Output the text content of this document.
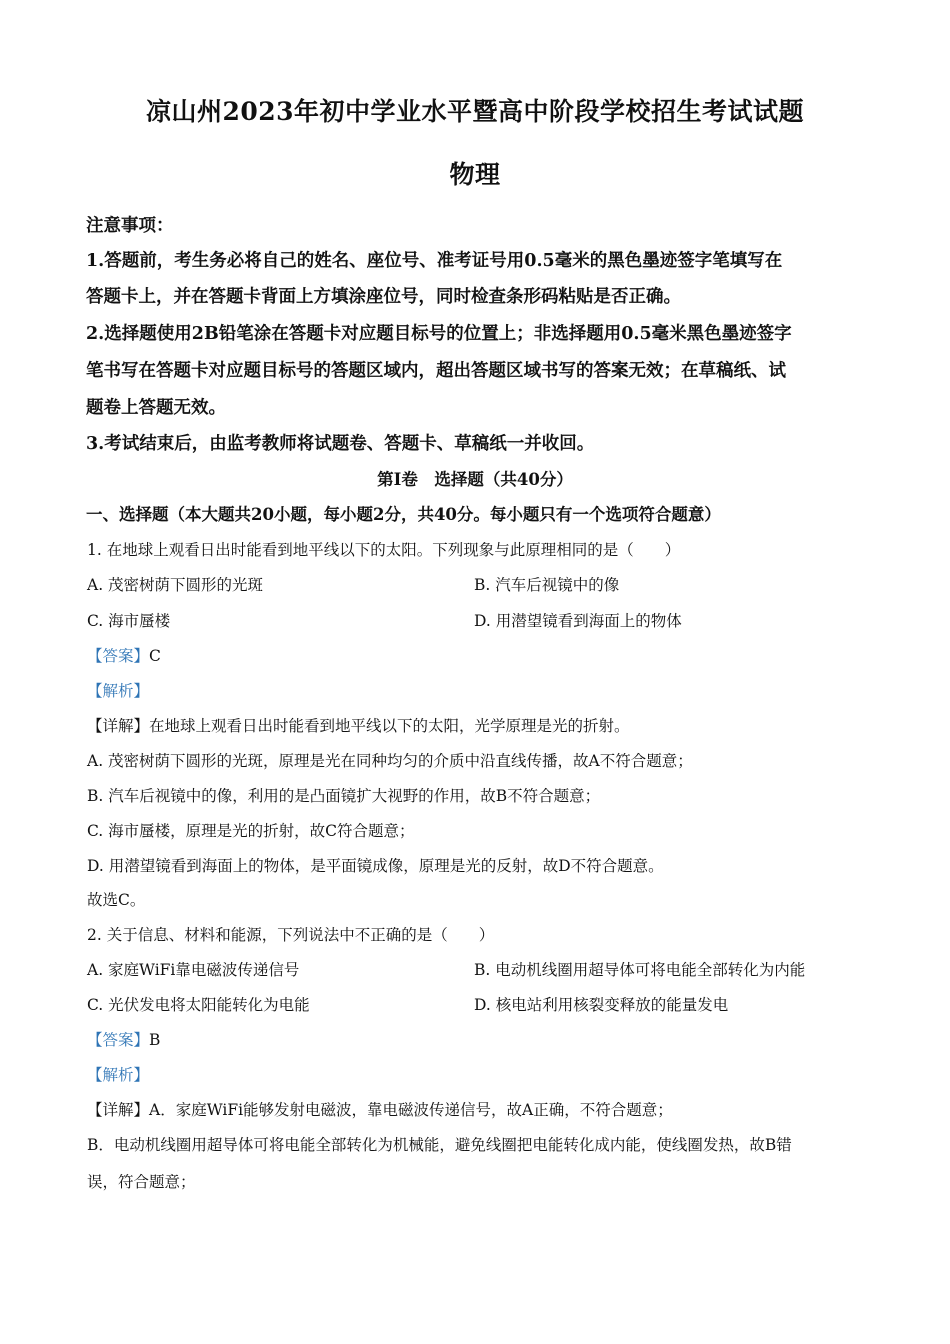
凉山州2023年初中学业水平暨高中阶段学校招生考试试题
物理
注意事项：
1.答题前，考生务必将自己的姓名、座位号、准考证号用0.5毫米的黑色墨迹签字笔填写在
答题卡上，并在答题卡背面上方填涂座位号，同时检查条形码粘贴是否正确。
2.选择题使用2B铅笔涂在答题卡对应题目标号的位置上；非选择题用0.5毫米黑色墨迹签字
笔书写在答题卡对应题目标号的答题区域内，超出答题区域书写的答案无效；在草稿纸、试
题卷上答题无效。
3.考试结束后，由监考教师将试题卷、答题卡、草稿纸一并收回。
第Ⅰ卷　选择题（共40分）
一、选择题（本大题共20小题，每小题2分，共40分。每小题只有一个选项符合题意）
1. 在地球上观看日出时能看到地平线以下的太阳。下列现象与此原理相同的是（　　）
A. 茂密树荫下圆形的光斑	B. 汽车后视镜中的像
C. 海市蜃楼	D. 用潜望镜看到海面上的物体
【答案】C
【解析】
【详解】在地球上观看日出时能看到地平线以下的太阳，光学原理是光的折射。
A. 茂密树荫下圆形的光斑，原理是光在同种均匀的介质中沿直线传播，故A不符合题意；
B. 汽车后视镜中的像，利用的是凸面镜扩大视野的作用，故B不符合题意；
C. 海市蜃楼，原理是光的折射，故C符合题意；
D. 用潜望镜看到海面上的物体，是平面镜成像，原理是光的反射，故D不符合题意。
故选C。
2. 关于信息、材料和能源，下列说法中不正确的是（　　）
A. 家庭WiFi靠电磁波传递信号	B. 电动机线圈用超导体可将电能全部转化为内能
C. 光伏发电将太阳能转化为电能	D. 核电站利用核裂变释放的能量发电
【答案】B
【解析】
【详解】A．家庭WiFi能够发射电磁波，靠电磁波传递信号，故A正确，不符合题意；
B．电动机线圈用超导体可将电能全部转化为机械能，避免线圈把电能转化成内能，使线圈发热，故B错
误，符合题意；
